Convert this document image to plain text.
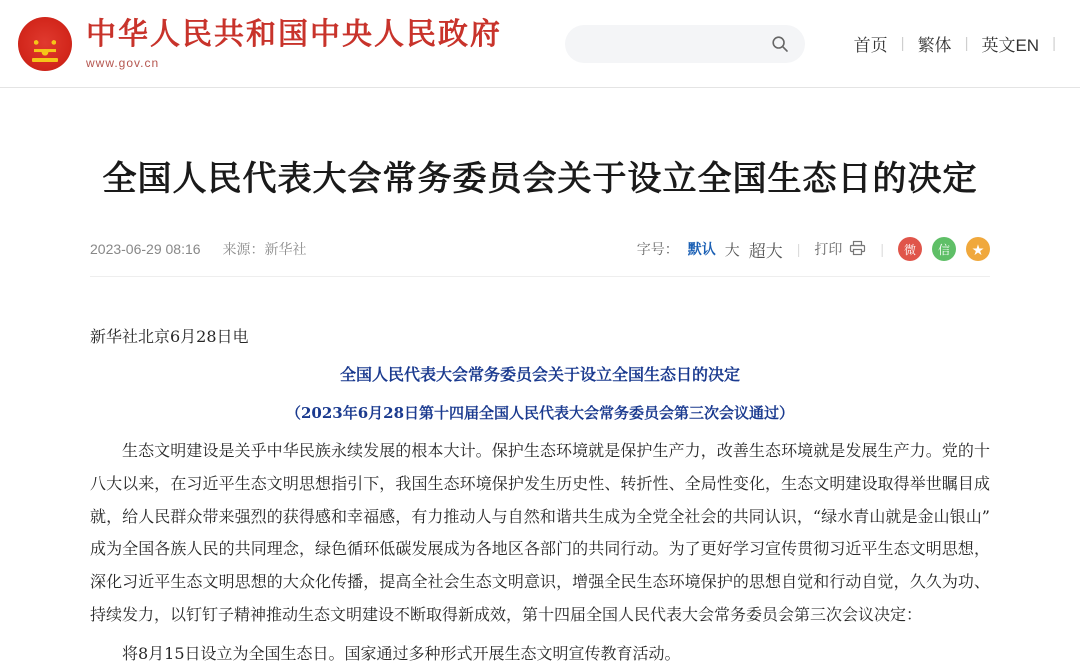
中华人民共和国中央人民政府
www.gov.cn
首页 | 繁体 | 英文EN |
全国人民代表大会常务委员会关于设立全国生态日的决定
2023-06-29 08:16 来源：新华社	字号： 默认 大 超大 | 打印	|	微	信	★

新华社北京6月28日电

全国人民代表大会常务委员会关于设立全国生态日的决定

（2023年6月28日第十四届全国人民代表大会常务委员会第三次会议通过）

生态文明建设是关乎中华民族永续发展的根本大计。保护生态环境就是保护生产力，改善生态环境就是发展生产力。党的十八大以来，在习近平生态文明思想指引下，我国生态环境保护发生历史性、转折性、全局性变化，生态文明建设取得举世瞩目成就，给人民群众带来强烈的获得感和幸福感，有力推动人与自然和谐共生成为全党全社会的共同认识，“绿水青山就是金山银山”成为全国各族人民的共同理念，绿色循环低碳发展成为各地区各部门的共同行动。为了更好学习宣传贯彻习近平生态文明思想，深化习近平生态文明思想的大众化传播，提高全社会生态文明意识，增强全民生态环境保护的思想自觉和行动自觉，久久为功、持续发力，以钉钉子精神推动生态文明建设不断取得新成效，第十四届全国人民代表大会常务委员会第三次会议决定：

将8月15日设立为全国生态日。国家通过多种形式开展生态文明宣传教育活动。
